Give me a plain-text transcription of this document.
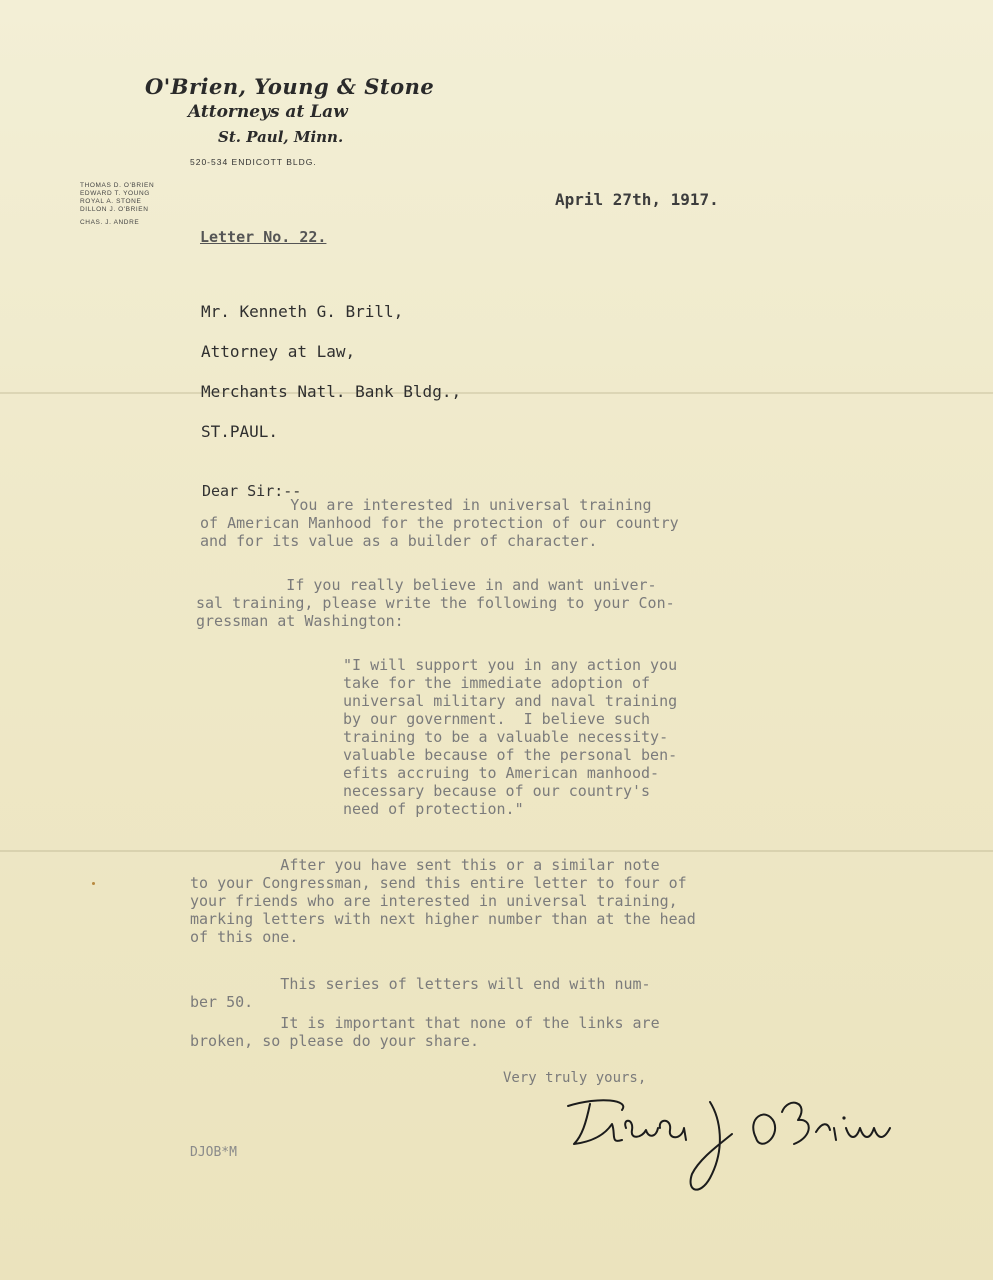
O'Brien, Young & Stone
Attorneys at Law
St. Paul, Minn.
520-534 ENDICOTT BLDG.
THOMAS D. O'BRIEN
EDWARD T. YOUNG
ROYAL A. STONE
DILLON J. O'BRIEN
CHAS. J. ANDRE
April 27th, 1917.
Letter No. 22.
Mr. Kenneth G. Brill,
Attorney at Law,
Merchants Natl. Bank Bldg.,
ST.PAUL.
Dear Sir:--
You are interested in universal training
of American Manhood for the protection of our country
and for its value as a builder of character.
If you really believe in and want univer-
sal training, please write the following to your Con-
gressman at Washington:
"I will support you in any action you
take for the immediate adoption of
universal military and naval training
by our government.  I believe such
training to be a valuable necessity-
valuable because of the personal ben-
efits accruing to American manhood-
necessary because of our country's
need of protection."
After you have sent this or a similar note
to your Congressman, send this entire letter to four of
your friends who are interested in universal training,
marking letters with next higher number than at the head
of this one.
This series of letters will end with num-
ber 50.
It is important that none of the links are
broken, so please do your share.
Very truly yours,
DJOB*M
